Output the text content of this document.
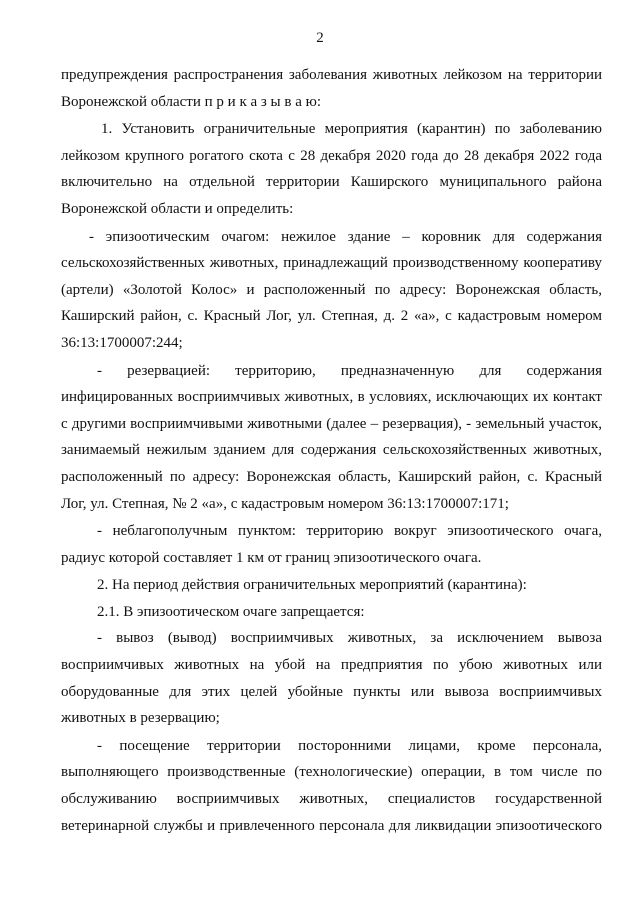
2
предупреждения распространения заболевания животных лейкозом на территории
Воронежской области п р и к а з ы в а ю:
1. Установить ограничительные мероприятия (карантин) по заболеванию
лейкозом крупного рогатого скота с 28 декабря 2020 года до 28 декабря 2022 года
включительно на отдельной территории Каширского муниципального района
Воронежской области и определить:
- эпизоотическим очагом: нежилое здание – коровник для содержания
сельскохозяйственных животных, принадлежащий производственному кооперативу
(артели) «Золотой Колос» и расположенный по адресу: Воронежская область,
Каширский район, с. Красный Лог, ул. Степная, д. 2 «а», с кадастровым номером
36:13:1700007:244;
- резервацией: территорию, предназначенную для содержания
инфицированных восприимчивых животных, в условиях, исключающих их контакт
с другими восприимчивыми животными (далее – резервация), - земельный участок,
занимаемый нежилым зданием для содержания сельскохозяйственных животных,
расположенный по адресу: Воронежская область, Каширский район, с. Красный
Лог, ул. Степная, № 2 «а», с кадастровым номером 36:13:1700007:171;
- неблагополучным пунктом: территорию вокруг эпизоотического очага,
радиус которой составляет 1 км от границ эпизоотического очага.
2. На период действия ограничительных мероприятий (карантина):
2.1. В эпизоотическом очаге запрещается:
- вывоз (вывод) восприимчивых животных, за исключением вывоза
восприимчивых животных на убой на предприятия по убою животных или
оборудованные для этих целей убойные пункты или вывоза восприимчивых
животных в резервацию;
- посещение территории посторонними лицами, кроме персонала,
выполняющего производственные (технологические) операции, в том числе по
обслуживанию восприимчивых животных, специалистов государственной
ветеринарной службы и привлеченного персонала для ликвидации эпизоотического
